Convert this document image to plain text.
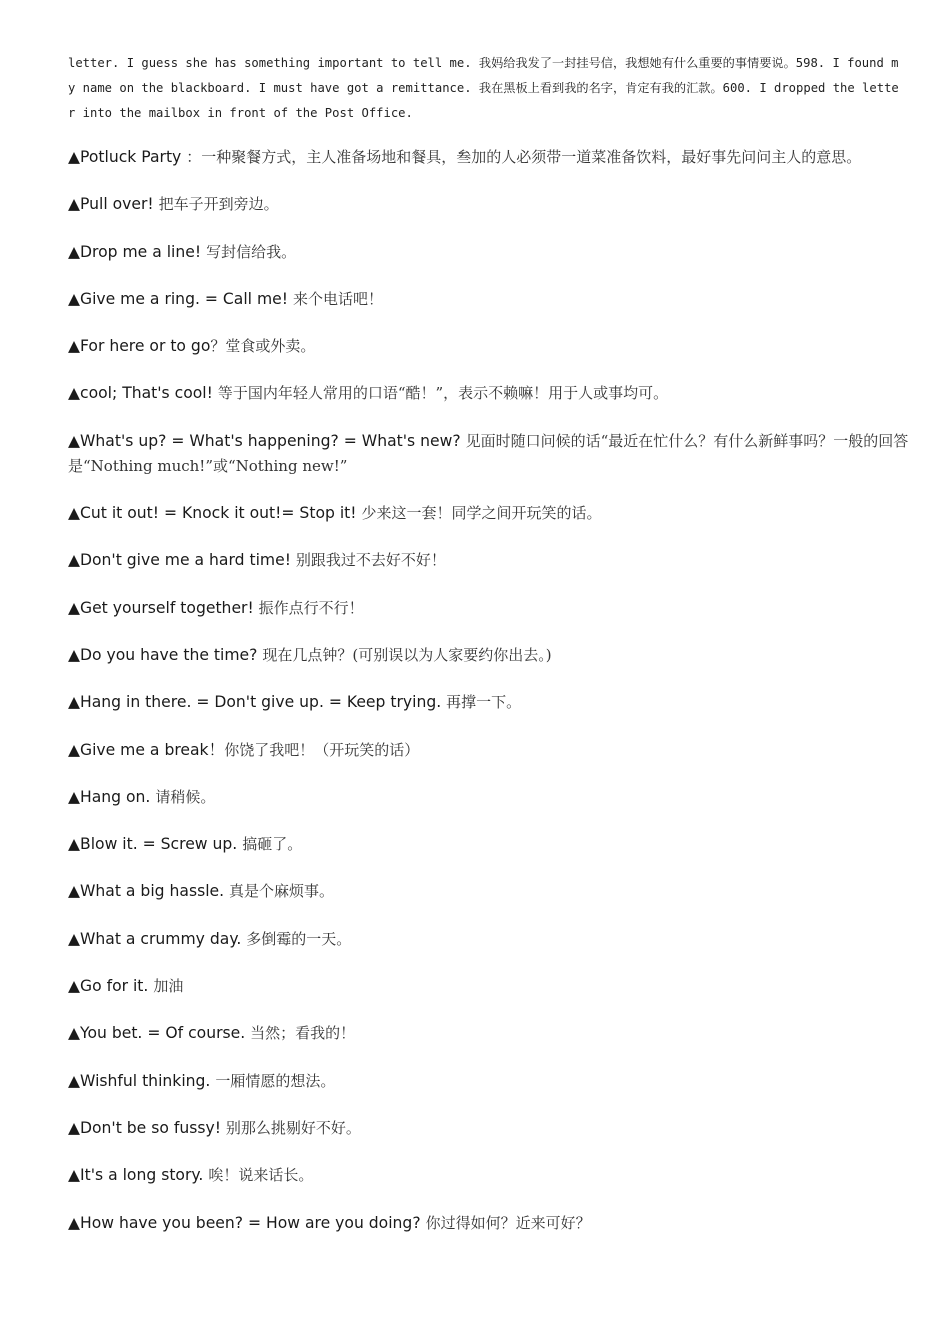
letter. I guess she has something important to tell me. 我妈给我发了一封挂号信，我想她有什么重要的事情要说。598. I found my name on the blackboard. I must have got a remittance. 我在黑板上看到我的名字，肯定有我的汇款。600. I dropped the letter into the mailbox in front of the Post Office.

▲Potluck Party ：一种聚餐方式，主人准备场地和餐具，叁加的人必须带一道菜准备饮料，最好事先问问主人的意思。
▲Pull over! 把车子开到旁边。
▲Drop me a line! 写封信给我。
▲Give me a ring. = Call me! 来个电话吧！
▲For here or to go？堂食或外卖。
▲cool; That's cool! 等于国内年轻人常用的口语“酷！”，表示不赖嘛！用于人或事均可。
▲What's up? = What's happening? = What's new? 见面时随口问候的话“最近在忙什么？有什么新鲜事吗？一般的回答是“Nothing much!”或“Nothing new!”
▲Cut it out! = Knock it out!= Stop it! 少来这一套！同学之间开玩笑的话。
▲Don't give me a hard time! 别跟我过不去好不好！
▲Get yourself together! 振作点行不行！
▲Do you have the time? 现在几点钟？(可别误以为人家要约你出去。)
▲Hang in there. = Don't give up. = Keep trying. 再撑一下。
▲Give me a break！你饶了我吧！（开玩笑的话）
▲Hang on. 请稍候。
▲Blow it. = Screw up. 搞砸了。
▲What a big hassle. 真是个麻烦事。
▲What a crummy day. 多倒霉的一天。
▲Go for it. 加油
▲You bet. = Of course. 当然；看我的！
▲Wishful thinking. 一厢情愿的想法。
▲Don't be so fussy! 别那么挑剔好不好。
▲It's a long story. 唉！说来话长。
▲How have you been? = How are you doing? 你过得如何？近来可好？
